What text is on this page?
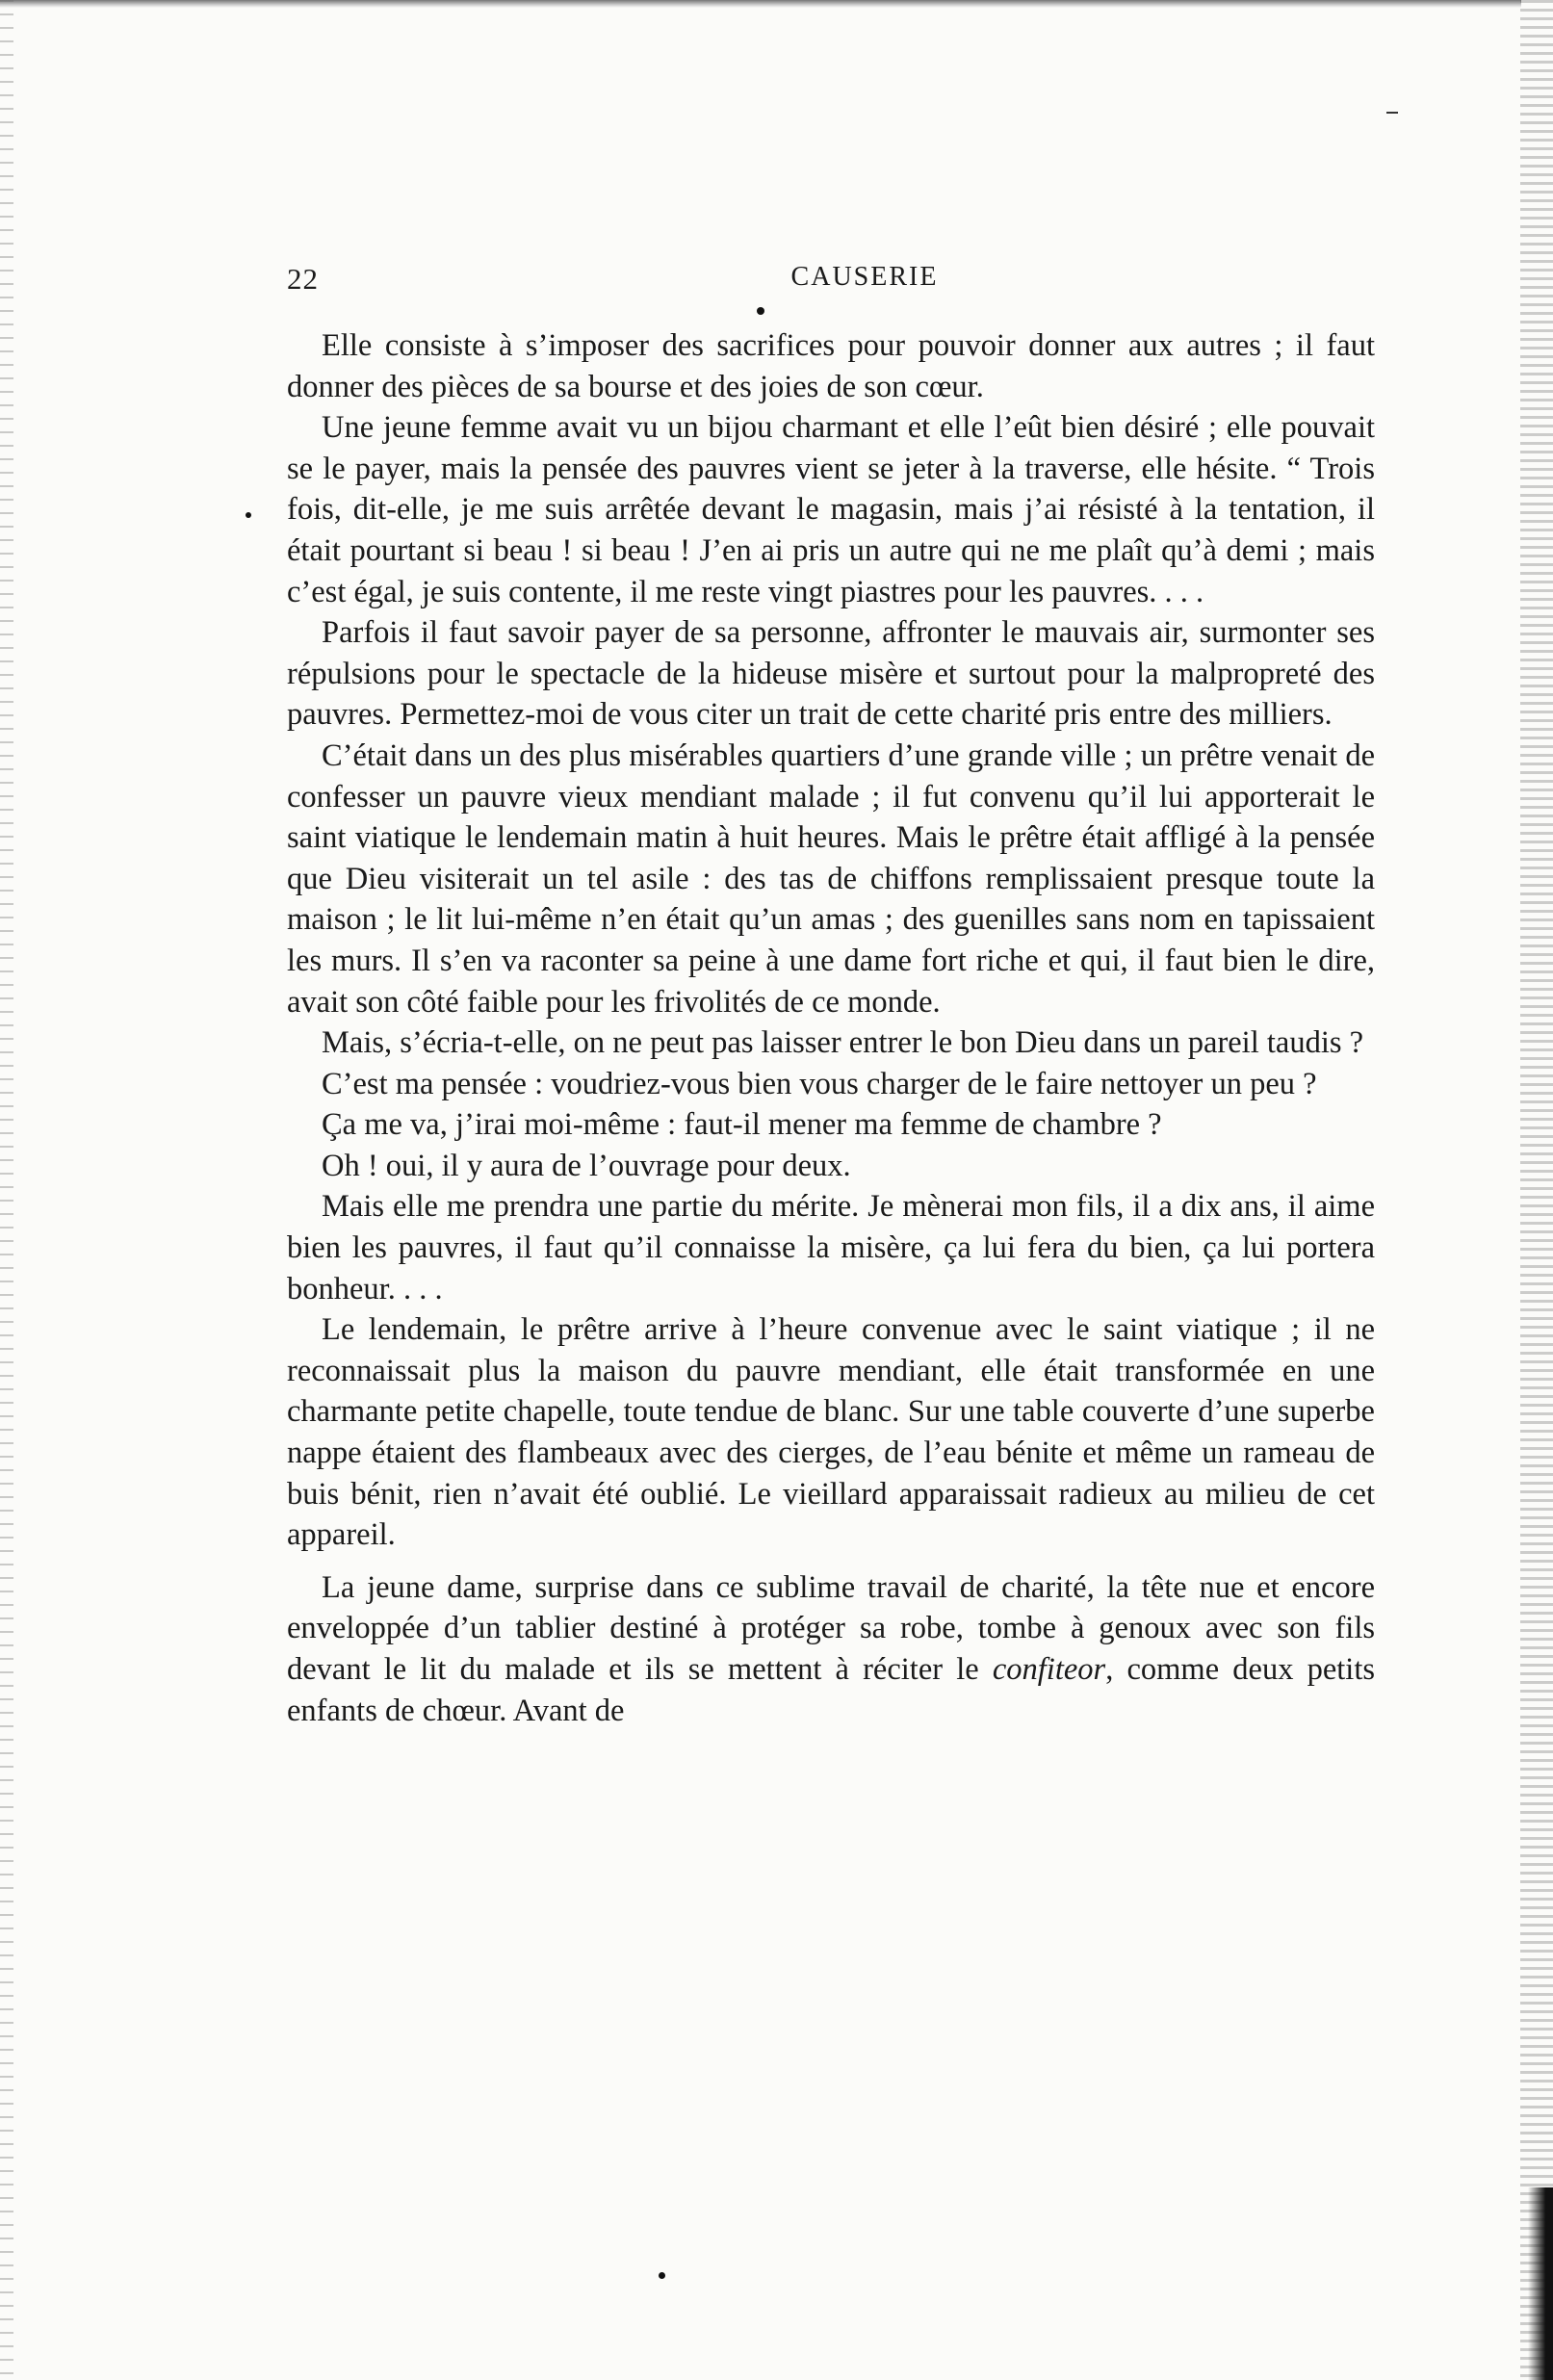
22	CAUSERIE

Elle consiste à s’imposer des sacrifices pour pouvoir donner aux autres ; il faut donner des pièces de sa bourse et des joies de son cœur.

Une jeune femme avait vu un bijou charmant et elle l’eût bien désiré ; elle pouvait se le payer, mais la pensée des pauvres vient se jeter à la traverse, elle hésite. “ Trois fois, dit-elle, je me suis arrêtée devant le magasin, mais j’ai résisté à la tentation, il était pourtant si beau ! si beau ! J’en ai pris un autre qui ne me plaît qu’à demi ; mais c’est égal, je suis contente, il me reste vingt piastres pour les pauvres. . . .

Parfois il faut savoir payer de sa personne, affronter le mauvais air, surmonter ses répulsions pour le spectacle de la hideuse misère et surtout pour la malpropreté des pauvres. Permettez-moi de vous citer un trait de cette charité pris entre des milliers.

C’était dans un des plus misérables quartiers d’une grande ville ; un prêtre venait de confesser un pauvre vieux mendiant malade ; il fut convenu qu’il lui apporterait le saint viatique le lendemain matin à huit heures. Mais le prêtre était affligé à la pensée que Dieu visiterait un tel asile : des tas de chiffons remplissaient presque toute la maison ; le lit lui-même n’en était qu’un amas ; des guenilles sans nom en tapissaient les murs. Il s’en va raconter sa peine à une dame fort riche et qui, il faut bien le dire, avait son côté faible pour les frivolités de ce monde.

Mais, s’écria-t-elle, on ne peut pas laisser entrer le bon Dieu dans un pareil taudis ?

C’est ma pensée : voudriez-vous bien vous charger de le faire nettoyer un peu ?

Ça me va, j’irai moi-même : faut-il mener ma femme de chambre ?

Oh ! oui, il y aura de l’ouvrage pour deux.

Mais elle me prendra une partie du mérite. Je mènerai mon fils, il a dix ans, il aime bien les pauvres, il faut qu’il connaisse la misère, ça lui fera du bien, ça lui portera bonheur. . . .

Le lendemain, le prêtre arrive à l’heure convenue avec le saint viatique ; il ne reconnaissait plus la maison du pauvre mendiant, elle était transformée en une charmante petite chapelle, toute tendue de blanc. Sur une table couverte d’une superbe nappe étaient des flambeaux avec des cierges, de l’eau bénite et même un rameau de buis bénit, rien n’avait été oublié. Le vieillard apparaissait radieux au milieu de cet appareil.

La jeune dame, surprise dans ce sublime travail de charité, la tête nue et encore enveloppée d’un tablier destiné à protéger sa robe, tombe à genoux avec son fils devant le lit du malade et ils se mettent à réciter le confiteor, comme deux petits enfants de chœur. Avant de
